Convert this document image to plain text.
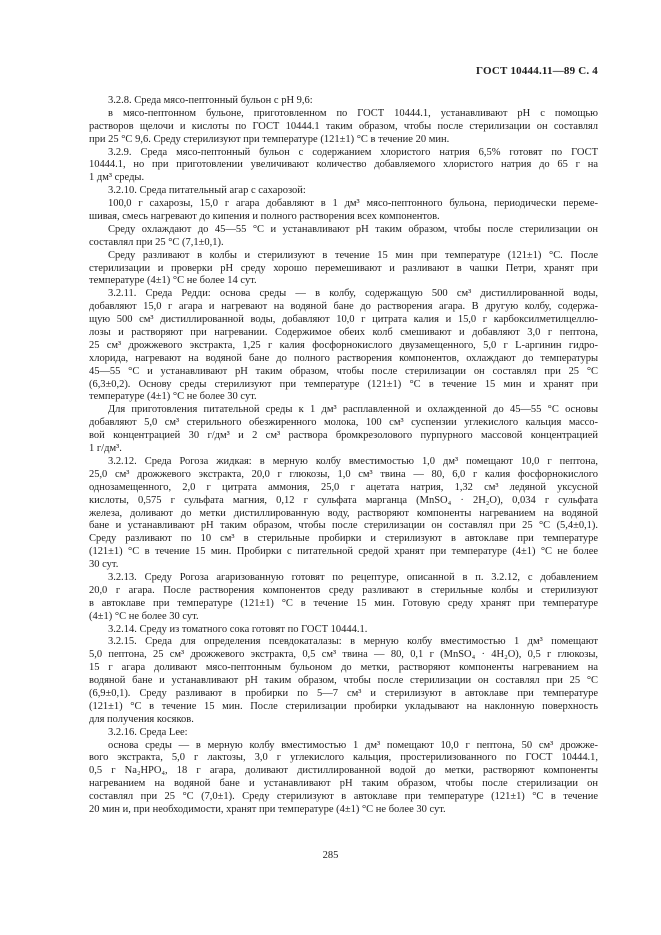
ГОСТ 10444.11—89 С. 4
3.2.8. Среда мясо-пептонный бульон с рН 9,6:
в мясо-пептонном бульоне, приготовленном по ГОСТ 10444.1, устанавливают рН с помощью
растворов щелочи и кислоты по ГОСТ 10444.1 таким образом, чтобы после стерилизации он составлял
при 25 °C 9,6. Среду стерилизуют при температуре (121±1) °C в течение 20 мин.
3.2.9. Среда мясо-пептонный бульон с содержанием хлористого натрия 6,5% готовят по ГОСТ
10444.1, но при приготовлении увеличивают количество добавляемого хлористого натрия до 65 г на
1 дм³ среды.
3.2.10. Среда питательный агар с сахарозой:
100,0 г сахарозы, 15,0 г агара добавляют в 1 дм³ мясо-пептонного бульона, периодически переме-
шивая, смесь нагревают до кипения и полного растворения всех компонентов.
Среду охлаждают до 45—55 °C и устанавливают рН таким образом, чтобы после стерилизации он
составлял при 25 °C (7,1±0,1).
Среду разливают в колбы и стерилизуют в течение 15 мин при температуре (121±1) °C. После
стерилизации и проверки рН среду хорошо перемешивают и разливают в чашки Петри, хранят при
температуре (4±1) °C не более 14 сут.
3.2.11. Среда Редди: основа среды — в колбу, содержащую 500 см³ дистиллированной воды,
добавляют 15,0 г агара и нагревают на водяной бане до растворения агара. В другую колбу, содержа-
щую 500 см³ дистиллированной воды, добавляют 10,0 г цитрата калия и 15,0 г карбоксилметилцеллю-
лозы и растворяют при нагревании. Содержимое обеих колб смешивают и добавляют 3,0 г пептона,
25 см³ дрожжевого экстракта, 1,25 г калия фосфорнокислого двузамещенного, 5,0 г L-аргинин гидро-
хлорида, нагревают на водяной бане до полного растворения компонентов, охлаждают до температуры
45—55 °C и устанавливают рН таким образом, чтобы после стерилизации он составлял при 25 °C
(6,3±0,2). Основу среды стерилизуют при температуре (121±1) °C в течение 15 мин и хранят при
температуре (4±1) °C не более 30 сут.
Для приготовления питательной среды к 1 дм³ расплавленной и охлажденной до 45—55 °C основы
добавляют 5,0 см³ стерильного обезжиренного молока, 100 см³ суспензии углекислого кальция массо-
вой концентрацией 30 г/дм³ и 2 см³ раствора бромкрезолового пурпурного массовой концентрацией
1 г/дм³.
3.2.12. Среда Рогоза жидкая: в мерную колбу вместимостью 1,0 дм³ помещают 10,0 г пептона,
25,0 см³ дрожжевого экстракта, 20,0 г глюкозы, 1,0 см³ твина — 80, 6,0 г калия фосфорнокислого
однозамещенного, 2,0 г цитрата аммония, 25,0 г ацетата натрия, 1,32 см³ ледяной уксусной
кислоты, 0,575 г сульфата магния, 0,12 г сульфата марганца (MnSO₄ · 2H₂O), 0,034 г сульфата
железа, доливают до метки дистиллированную воду, растворяют компоненты нагреванием на водяной
бане и устанавливают рН таким образом, чтобы после стерилизации он составлял при 25 °C (5,4±0,1).
Среду разливают по 10 см³ в стерильные пробирки и стерилизуют в автоклаве при температуре
(121±1) °C в течение 15 мин. Пробирки с питательной средой хранят при температуре (4±1) °C не более
30 сут.
3.2.13. Среду Рогоза агаризованную готовят по рецептуре, описанной в п. 3.2.12, с добавлением
20,0 г агара. После растворения компонентов среду разливают в стерильные колбы и стерилизуют
в автоклаве при температуре (121±1) °C в течение 15 мин. Готовую среду хранят при температуре
(4±1) °C не более 30 сут.
3.2.14. Среду из томатного сока готовят по ГОСТ 10444.1.
3.2.15. Среда для определения псевдокаталазы: в мерную колбу вместимостью 1 дм³ помещают
5,0 пептона, 25 см³ дрожжевого экстракта, 0,5 см³ твина — 80, 0,1 г (MnSO₄ · 4H₂O), 0,5 г глюкозы,
15 г агара доливают мясо-пептонным бульоном до метки, растворяют компоненты нагреванием на
водяной бане и устанавливают рН таким образом, чтобы после стерилизации он составлял при 25 °C
(6,9±0,1). Среду разливают в пробирки по 5—7 см³ и стерилизуют в автоклаве при температуре
(121±1) °C в течение 15 мин. После стерилизации пробирки укладывают на наклонную поверхность
для получения косяков.
3.2.16. Среда Lee:
основа среды — в мерную колбу вместимостью 1 дм³ помещают 10,0 г пептона, 50 см³ дрожже-
вого экстракта, 5,0 г лактозы, 3,0 г углекислого кальция, простерилизованного по ГОСТ 10444.1,
0,5 г Na₂HPO₄, 18 г агара, доливают дистиллированной водой до метки, растворяют компоненты
нагреванием на водяной бане и устанавливают рН таким образом, чтобы после стерилизации он
составлял при 25 °C (7,0±1). Среду стерилизуют в автоклаве при температуре (121±1) °C в течение
20 мин и, при необходимости, хранят при температуре (4±1) °C не более 30 сут.
285
